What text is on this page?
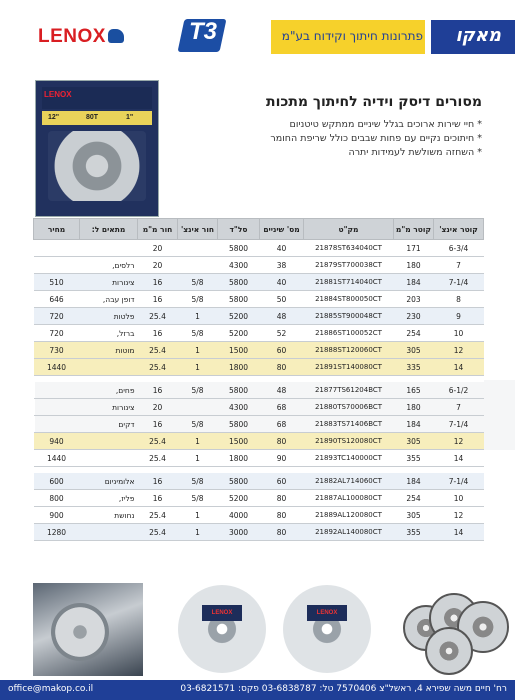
LENOX	T3	מאקו
פתרונות חיתוך וקידוח בע"מ
LENOX
12"	80T	1"
מסורים דיסק וידיה לחיתוך מתכות
* חיי שירות ארוכים בגלל שיניים ממתקש טיטניום
* חיתוכים נקיים עם פחות שבבים כולל שריפת החומר
* השחזה משולשת לעמידות יתרה
קוטר אינצ'	קוטר מ"מ	מק"ט	מס' שיניים	סל"ד	חור אינצ'	חור מ"מ	מתאים ל:	מחיר
6-3/4	171	21878ST634040CT	40	5800		20		
7	180	21879ST700038CT	38	4300		20	רלסים,	
7-1/4	184	21881ST714040CT	40	5800	5/8	16	צינורות	510
8	203	21884ST800050CT	50	5800	5/8	16	דופן עבה,	646
9	230	21885ST900048CT	48	5200	1	25.4	פלטות	720
10	254	21886ST100052CT	52	5200	5/8	16	ברזל,	720
12	305	21888ST120060CT	60	1500	1	25.4	מוטות	730
14	335	21891ST140080CT	80	1800	1	25.4		1440

6-1/2	165	21877TS61204BCT	48	5800	5/8	16	פחים,	
7	180	21880TS70006BCT	68	4300		20	צינורות	
7-1/4	184	21883TS71406BCT	68	5800	5/8	16	דקים	
12	305	21890TS120080CT	80	1500	1	25.4		940
14	355	21893TC140000CT	90	1800	1	25.4		1440

7-1/4	184	21882AL714060CT	60	5800	5/8	16	אלומיניום	600
10	254	21887AL100080CT	80	5200	5/8	16	פליז,	800
12	305	21889AL120080CT	80	4000	1	25.4	נחושת	900
14	355	21892AL140080CT	80	3000	1	25.4		1280
LENOX	LENOX
רח' חיים משה שפירא 4, ראשל"צ 7570406 טל: 03-6838787 פקס: 03-6821571
office@makop.co.il
